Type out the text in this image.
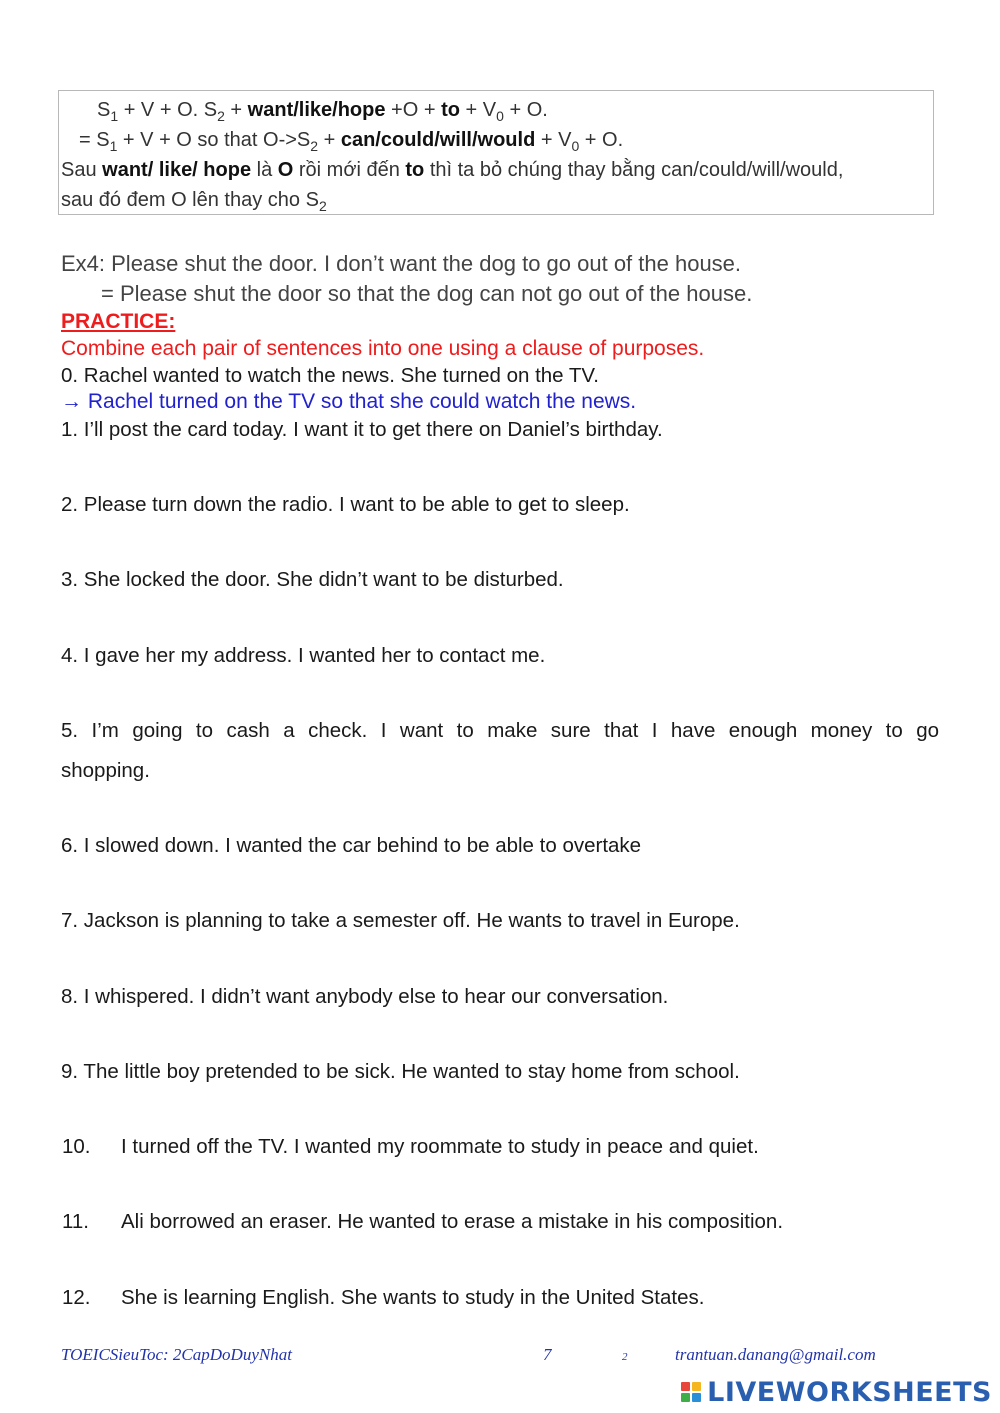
$S_1 + V + O$. $S_2$ + want/like/hope +O + to + $V_0 + O$.
= $S_1 + V + O$ so that $O->S_2$ + can/could/will/would + $V_0 + O$.
Sau want/ like/ hope là O rồi mới đến to thì ta bỏ chúng thay bằng can/could/will/would,
sau đó đem O lên thay cho $S_2$
Ex4: Please shut the door. I don’t want the dog to go out of the house.
= Please shut the door so that the dog can not go out of the house.
PRACTICE:
Combine each pair of sentences into one using a clause of purposes.
0. Rachel wanted to watch the news. She turned on the TV.
→ Rachel turned on the TV so that she could watch the news.
1. I’ll post the card today. I want it to get there on Daniel’s birthday.
2. Please turn down the radio. I want to be able to get to sleep.
3. She locked the door. She didn’t want to be disturbed.
4. I gave her my address. I wanted her to contact me.
5. I’m going to cash a check. I want to make sure that I have enough money to go
shopping.
6. I slowed down. I wanted the car behind to be able to overtake
7. Jackson is planning to take a semester off. He wants to travel in Europe.
8. I whispered. I didn’t want anybody else to hear our conversation.
9. The little boy pretended to be sick. He wanted to stay home from school.
10. I turned off the TV. I wanted my roommate to study in peace and quiet.
11. Ali borrowed an eraser. He wanted to erase a mistake in his composition.
12. She is learning English. She wants to study in the United States.
TOEICSieuToc: 2CapDoDuyNhat	7	2	trantuan.danang@gmail.com
LIVEWORKSHEETS
